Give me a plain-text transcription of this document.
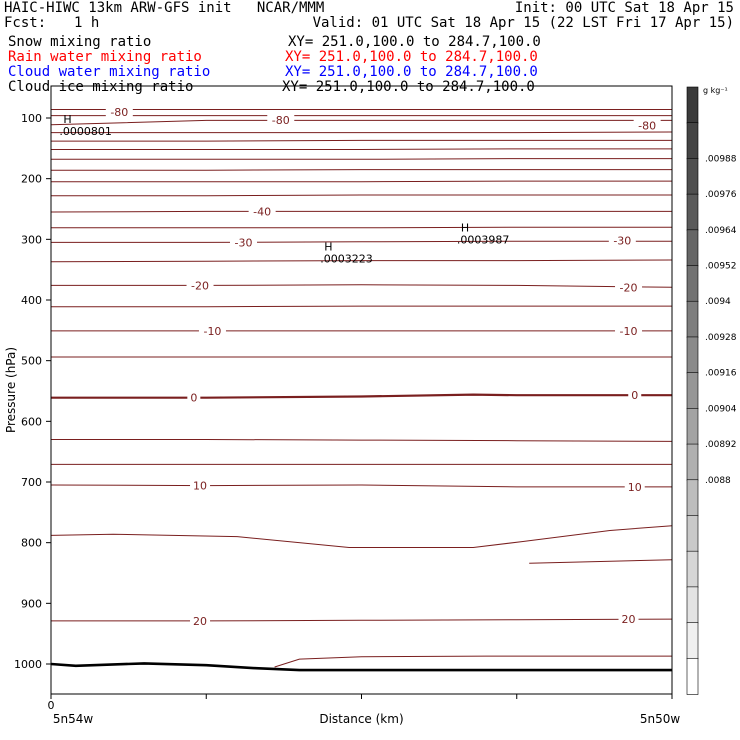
HAIC-HIWC 13km ARW-GFS init   NCAR/MMM	Init: 00 UTC Sat 18 Apr 15
Fcst: 1 h	Valid: 01 UTC Sat 18 Apr 15 (22 LST Fri 17 Apr 15)
Snow mixing ratio	XY= 251.0,100.0 to 284.7,100.0
Rain water mixing ratio	XY= 251.0,100.0 to 284.7,100.0
Cloud water mixing ratio	XY= 251.0,100.0 to 284.7,100.0
Cloud ice mixing ratio	XY= 251.0,100.0 to 284.7,100.0
-80
-80	-80
-40
-30	-30
-20	-20
-10	-10
0	0
10	10
20	20
H
.0000801
H
.0003223
H
.0003987
100
200
300
400
500
600
700
800
900
1000
0
5n54w	5n50w
Distance (km)
Pressure (hPa)
g kg⁻¹
.00988
.00976
.00964
.00952
.0094
.00928
.00916
.00904
.00892
.0088
